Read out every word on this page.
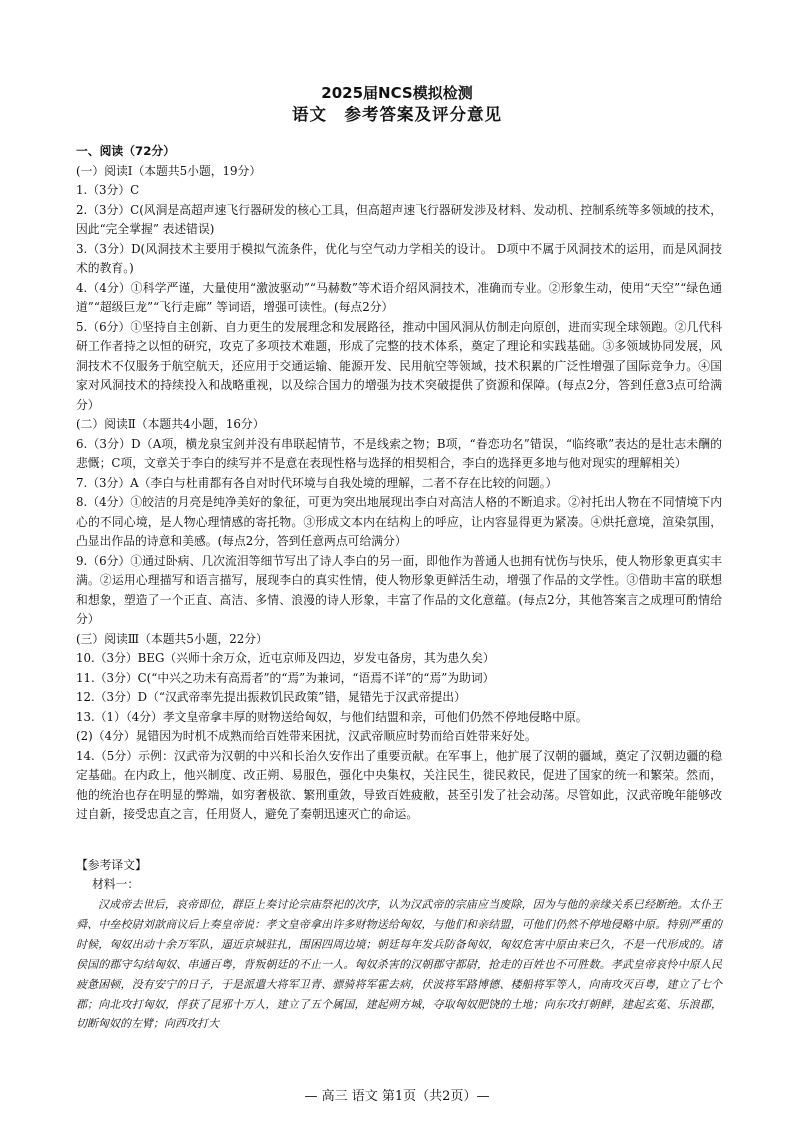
2025届NCS模拟检测
语文　参考答案及评分意见

一、阅读（72分）

(一）阅读Ⅰ（本题共5小题，19分）

1.（3分）C

2.（3分）C(风洞是高超声速飞行器研发的核心工具，但高超声速飞行器研发涉及材料、发动机、控制系统等多领域的技术，因此“完全掌握” 表述错误)

3.（3分）D(风洞技术主要用于模拟气流条件，优化与空气动力学相关的设计。 D项中不属于风洞技术的运用，而是风洞技术的教育。)

4.（4分）①科学严谨，大量使用“激波驱动”“马赫数”等术语介绍风洞技术，准确而专业。②形象生动，使用“天空”“绿色通道”“超级巨龙”“飞行走廊” 等词语，增强可读性。(每点2分）

5.（6分）①坚持自主创新、自力更生的发展理念和发展路径，推动中国风洞从仿制走向原创，进而实现全球领跑。②几代科研工作者持之以恒的研究，攻克了多项技术难题，形成了完整的技术体系，奠定了理论和实践基础。③多领域协同发展，风洞技术不仅服务于航空航天，还应用于交通运输、能源开发、民用航空等领域，技术积累的广泛性增强了国际竞争力。④国家对风洞技术的持续投入和战略重视，以及综合国力的增强为技术突破提供了资源和保障。(每点2分，答到任意3点可给满分）

(二）阅读Ⅱ（本题共4小题，16分）

6.（3分）D（A项，横龙泉宝剑并没有串联起情节，不是线索之物；B项，“眷恋功名”错误，“临终歌”表达的是壮志未酬的悲慨；C项，文章关于李白的续写并不是意在表现性格与选择的相契相合，李白的选择更多地与他对现实的理解相关）

7.（3分）A（李白与杜甫都有各自对时代环境与自我处境的理解，二者不存在比较的问题。）

8.（4分）①皎洁的月亮是纯净美好的象征，可更为突出地展现出李白对高洁人格的不断追求。②衬托出人物在不同情境下内心的不同心境，是人物心理情感的寄托物。③形成文本内在结构上的呼应，让内容显得更为紧凑。④烘托意境，渲染氛围，凸显出作品的诗意和美感。(每点2分，答到任意两点可给满分）

9.（6分）①通过卧病、几次流泪等细节写出了诗人李白的另一面，即他作为普通人也拥有忧伤与快乐，使人物形象更真实丰满。②运用心理描写和语言描写，展现李白的真实性情，使人物形象更鲜活生动，增强了作品的文学性。③借助丰富的联想和想象，塑造了一个正直、高洁、多情、浪漫的诗人形象，丰富了作品的文化意蕴。(每点2分，其他答案言之成理可酌情给分）

(三）阅读Ⅲ（本题共5小题，22分）

10.（3分）BEG（兴师十余万众，近屯京师及四边，岁发屯备房，其为患久矣）

11.（3分）C(“中兴之功未有高焉者”的“焉”为兼词，“语焉不详”的“焉”为助词）

12.（3分）D（“汉武帝率先提出振救饥民政策”错，晁错先于汉武帝提出）

13.（1）（4分）孝文皇帝拿丰厚的财物送给匈奴，与他们结盟和亲，可他们仍然不停地侵略中原。

(2)（4分）晁错因为时机不成熟而给百姓带来困扰，汉武帝顺应时势而给百姓带来好处。

14.（5分）示例：汉武帝为汉朝的中兴和长治久安作出了重要贡献。在军事上，他扩展了汉朝的疆域，奠定了汉朝边疆的稳定基础。在内政上，他兴制度、改正朔、易服色，强化中央集权，关注民生，徙民救民，促进了国家的统一和繁荣。然而，他的统治也存在明显的弊端，如穷奢极欲、繁刑重敛，导致百姓疲敝，甚至引发了社会动荡。尽管如此，汉武帝晚年能够改过自新，接受忠直之言，任用贤人，避免了秦朝迅速灭亡的命运。

【参考译文】

材料一：

汉成帝去世后，哀帝即位，群臣上奏讨论宗庙祭祀的次序，认为汉武帝的宗庙应当废除，因为与他的亲缘关系已经断绝。太仆王舜、中垒校尉刘歆商议后上奏皇帝说：孝文皇帝拿出许多财物送给匈奴，与他们和亲结盟，可他们仍然不停地侵略中原。特别严重的时候，匈奴出动十余万军队，逼近京城驻扎，围困四周边境；朝廷每年发兵防备匈奴，匈奴危害中原由来已久，不是一代形成的。诸侯国的郡守勾结匈奴、串通百粤，背叛朝廷的不止一人。匈奴杀害的汉朝郡守都尉，抢走的百姓也不可胜数。孝武皇帝哀怜中原人民疲惫困顿，没有安宁的日子，于是派遣大将军卫青、骠骑将军霍去病，伏波将军路博德、楼船将军等人，向南攻灭百粤，建立了七个郡；向北攻打匈奴，俘获了昆邪十万人，建立了五个属国，建起朔方城，夺取匈奴肥饶的土地；向东攻打朝鲜，建起玄菟、乐浪郡，切断匈奴的左臂；向西攻打大
— 高三 语文 第1页（共2页）—
